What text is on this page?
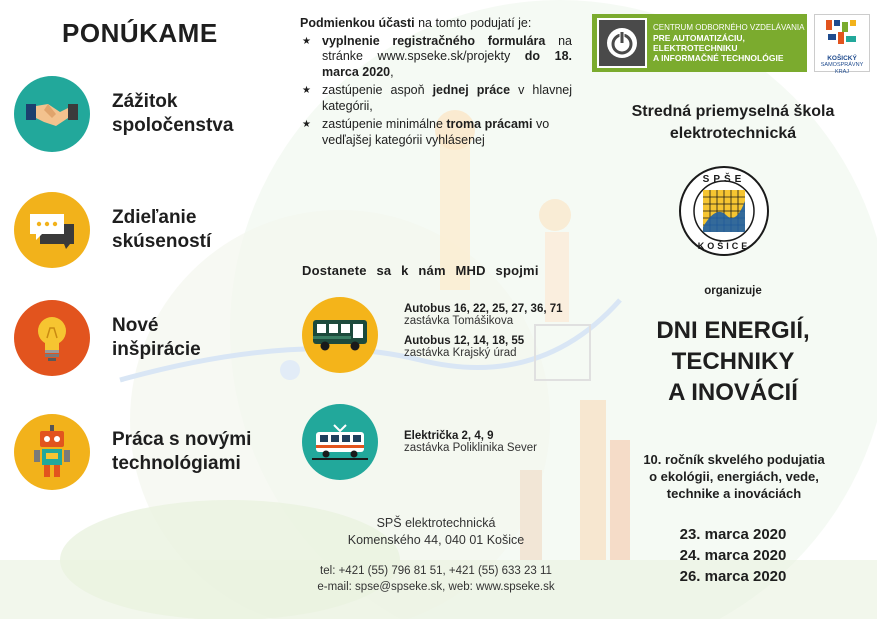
PONÚKAME
Zážitok
spoločenstva
Zdieľanie
skúseností
Nové
inšpirácie
Práca s novými
technológiami
Podmienkou účasti na tomto podujatí je:
★ vyplnenie registračného formulára na stránke www.spseke.sk/projekty do 18. marca 2020,
★ zastúpenie aspoň jednej práce v hlavnej kategórii,
★ zastúpenie minimálne troma prácami vo vedľajšej kategórii vyhlásenej
Dostanete sa k nám MHD spojmi
Autobus 16, 22, 25, 27, 36, 71
zastávka Tomášikova
Autobus 12, 14, 18, 55
zastávka Krajský úrad
Električka 2, 4, 9
zastávka Poliklinika Sever
SPŠ elektrotechnická
Komenského 44, 040 01 Košice
tel: +421 (55) 796 81 51, +421 (55) 633 23 11
e-mail: spse@spseke.sk, web: www.spseke.sk
CENTRUM ODBORNÉHO VZDELÁVANIA
PRE AUTOMATIZÁCIU,
ELEKTROTECHNIKU
A INFORMAČNÉ TECHNOLÓGIE	KOŠICKÝ
SAMOSPRÁVNY
KRAJ
Stredná priemyselná škola
elektrotechnická
SPŠE
KOŠICE
organizuje
DNI ENERGIÍ,
TECHNIKY
A INOVÁCIÍ
10. ročník skvelého podujatia
o ekológii, energiách, vede,
technike a inováciách
23. marca 2020
24. marca 2020
26. marca 2020
